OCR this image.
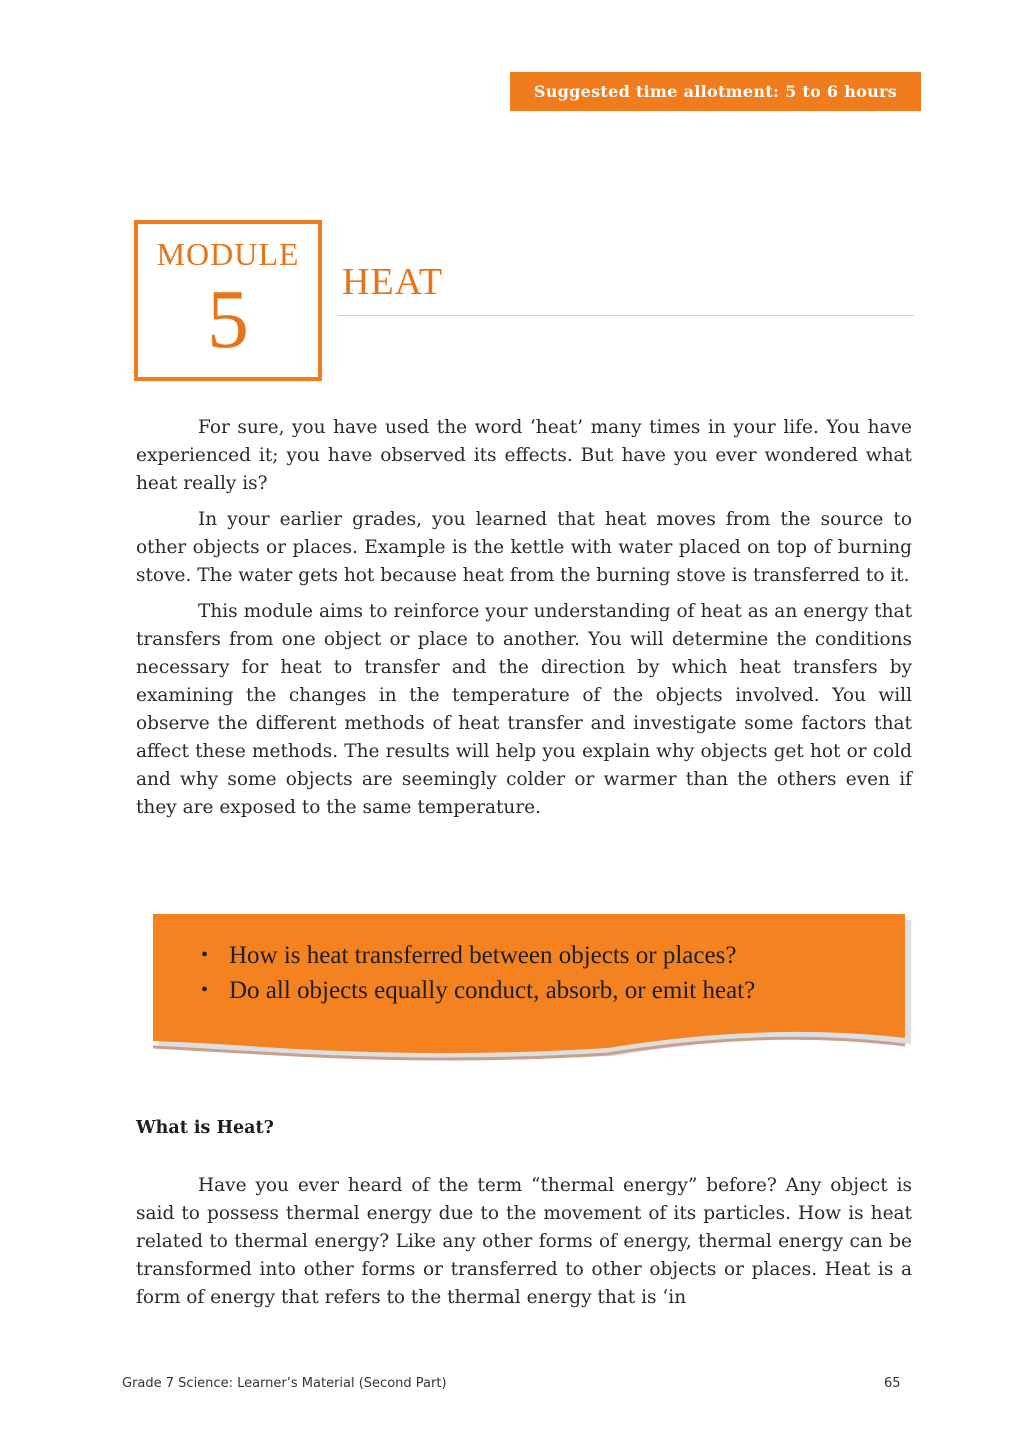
Suggested time allotment: 5 to 6 hours
MODULE
5	HEAT

For sure, you have used the word ‘heat’ many times in your life. You have experienced it; you have observed its effects. But have you ever wondered what heat really is?

In your earlier grades, you learned that heat moves from the source to other objects or places. Example is the kettle with water placed on top of burning stove. The water gets hot because heat from the burning stove is transferred to it.

This module aims to reinforce your understanding of heat as an energy that transfers from one object or place to another. You will determine the conditions necessary for heat to transfer and the direction by which heat transfers by examining the changes in the temperature of the objects involved. You will observe the different methods of heat transfer and investigate some factors that affect these methods. The results will help you explain why objects get hot or cold and why some objects are seemingly colder or warmer than the others even if they are exposed to the same temperature.

• How is heat transferred between objects or places?
• Do all objects equally conduct, absorb, or emit heat?
What is Heat?

Have you ever heard of the term “thermal energy” before? Any object is said to possess thermal energy due to the movement of its particles. How is heat related to thermal energy? Like any other forms of energy, thermal energy can be transformed into other forms or transferred to other objects or places. Heat is a form of energy that refers to the thermal energy that is ‘in

Grade 7 Science: Learner’s Material (Second Part)	65
